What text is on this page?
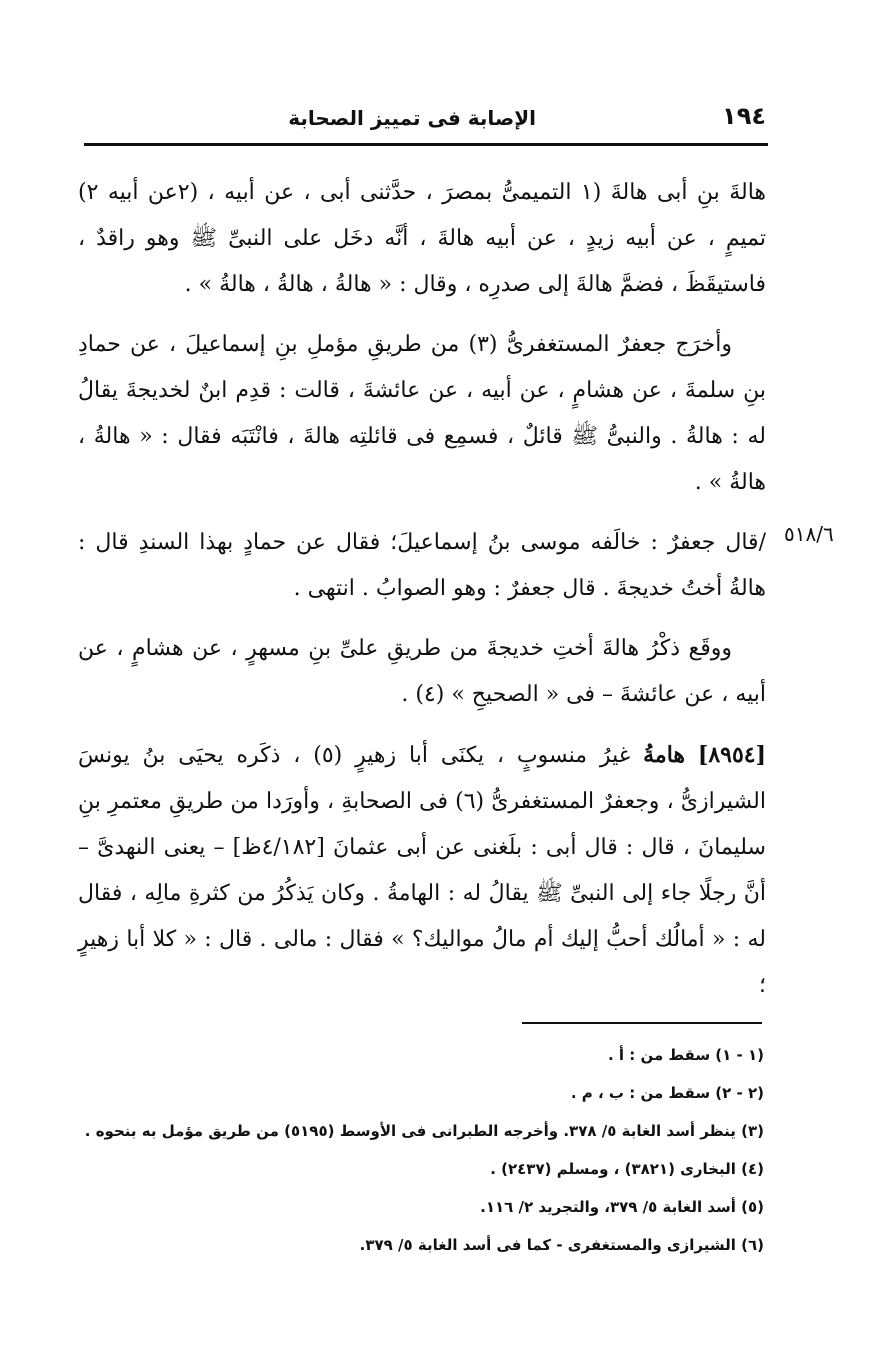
١٩٤
الإصابة فى تمييز الصحابة
٥١٨/٦

هالةَ بنِ أبى هالةَ (١ التميمىُّ بمصرَ ، حدَّثنى أبى ، عن أبيه ، (٢عن أبيه ٢) تميمٍ ، عن أبيه زيدٍ ، عن أبيه هالةَ ، أنَّه دخَل على النبىِّ ﷺ وهو راقدٌ ، فاستيقَظَ ، فضمَّ هالةَ إلى صدرِه ، وقال : « هالةُ ، هالةُ ، هالةُ » .

وأخرَج جعفرٌ المستغفرىُّ (٣) من طريقِ مؤملِ بنِ إسماعيلَ ، عن حمادِ بنِ سلمةَ ، عن هشامٍ ، عن أبيه ، عن عائشةَ ، قالت : قدِم ابنٌ لخديجةَ يقالُ له : هالةُ . والنبىُّ ﷺ قائلٌ ، فسمِع فى قائلتِه هالةَ ، فانْتَبَه فقال : « هالةُ ، هالةُ » .

/قال جعفرٌ : خالَفه موسى بنُ إسماعيلَ؛ فقال عن حمادٍ بهذا السندِ قال : هالةُ أختُ خديجةَ . قال جعفرٌ : وهو الصوابُ . انتهى .

ووقَع ذكْرُ هالةَ أختِ خديجةَ من طريقِ علىِّ بنِ مسهرٍ ، عن هشامٍ ، عن أبيه ، عن عائشةَ – فى « الصحيحِ » (٤) .

[٨٩٥٤] هامةُ غيرُ منسوبٍ ، يكنَى أبا زهيرٍ (٥) ، ذكَره يحيَى بنُ يونسَ الشيرازىُّ ، وجعفرٌ المستغفرىُّ (٦) فى الصحابةِ ، وأورَدا من طريقِ معتمرِ بنِ سليمانَ ، قال : قال أبى : بلَغنى عن أبى عثمانَ [٤/١٨٢ظ] – يعنى النهدىَّ – أنَّ رجلًا جاء إلى النبىِّ ﷺ يقالُ له : الهامةُ . وكان يَذكُرُ من كثرةِ مالِه ، فقال له : « أمالُك أحبُّ إليك أم مالُ مواليك؟ » فقال : مالى . قال : « كلا أبا زهيرٍ ؛

(١ - ١) سقط من : أ .
(٢ - ٢) سقط من : ب ، م .
(٣) ينظر أسد الغابة ٥/ ٣٧٨. وأخرجه الطبرانى فى الأوسط (٥١٩٥) من طريق مؤمل به بنحوه .
(٤) البخارى (٣٨٢١) ، ومسلم (٢٤٣٧) .
(٥) أسد الغابة ٥/ ٣٧٩، والتجريد ٢/ ١١٦.
(٦) الشيرازى والمستغفرى - كما فى أسد الغابة ٥/ ٣٧٩.
